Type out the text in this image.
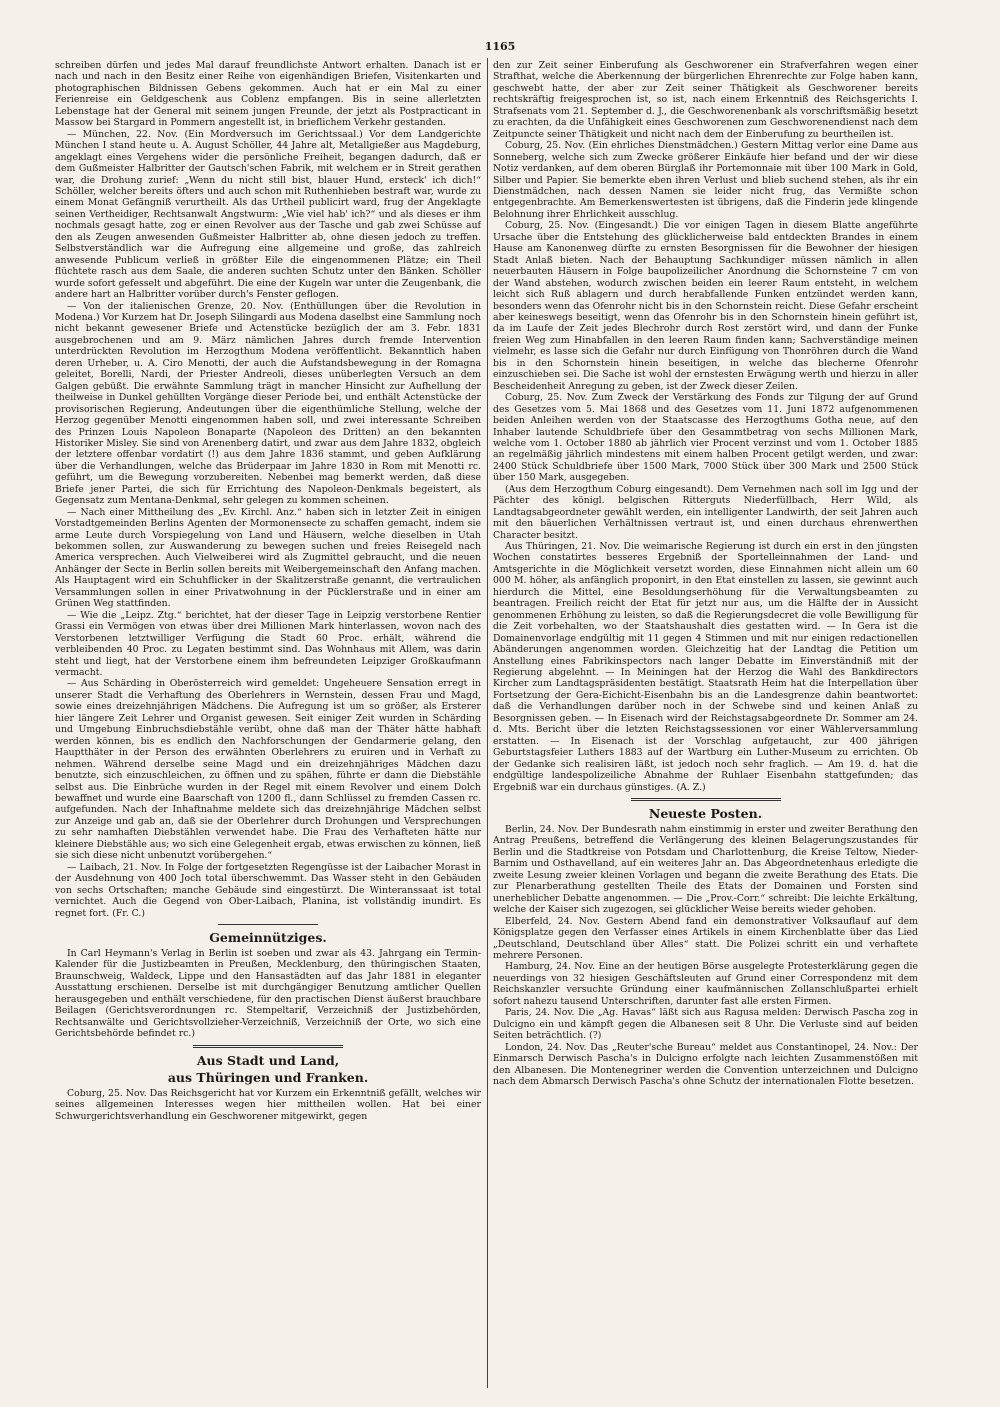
1165

schreiben dürfen und jedes Mal darauf freundlichste Antwort erhalten. Danach ist er nach und nach in den Besitz einer Reihe von eigenhändigen Briefen, Visitenkarten und photographischen Bildnissen Gebens gekommen. Auch hat er ein Mal zu einer Ferienreise ein Geldgeschenk aus Coblenz empfangen. Bis in seine allerletzten Lebenstage hat der General mit seinem jungen Freunde, der jetzt als Postpracticant in Massow bei Stargard in Pommern angestellt ist, in brieflichem Verkehr gestanden.

— München, 22. Nov. (Ein Mordversuch im Gerichtssaal.) Vor dem Landgerichte München I stand heute u. A. August Schöller, 44 Jahre alt, Metallgießer aus Magdeburg, angeklagt eines Vergehens wider die persönliche Freiheit, begangen dadurch, daß er dem Gußmeister Halbritter der Gautsch'schen Fabrik, mit welchem er in Streit gerathen war, die Drohung zurief: „Wenn du nicht still bist, blauer Hund, ersteck' ich dich!“ Schöller, welcher bereits öfters und auch schon mit Ruthenhieben bestraft war, wurde zu einem Monat Gefängniß verurtheilt. Als das Urtheil publicirt ward, frug der Angeklagte seinen Vertheidiger, Rechtsanwalt Angstwurm: „Wie viel hab' ich?“ und als dieses er ihm nochmals gesagt hatte, zog er einen Revolver aus der Tasche und gab zwei Schüsse auf den als Zeugen anwesenden Gußmeister Halbritter ab, ohne diesen jedoch zu treffen. Selbstverständlich war die Aufregung eine allgemeine und große, das zahlreich anwesende Publicum verließ in größter Eile die eingenommenen Plätze; ein Theil flüchtete rasch aus dem Saale, die anderen suchten Schutz unter den Bänken. Schöller wurde sofort gefesselt und abgeführt. Die eine der Kugeln war unter die Zeugenbank, die andere hart an Halbritter vorüber durch's Fenster geflogen.

— Von der italienischen Grenze, 20. Nov. (Enthüllungen über die Revolution in Modena.) Vor Kurzem hat Dr. Joseph Silingardi aus Modena daselbst eine Sammlung noch nicht bekannt gewesener Briefe und Actenstücke bezüglich der am 3. Febr. 1831 ausgebrochenen und am 9. März nämlichen Jahres durch fremde Intervention unterdrückten Revolution im Herzogthum Modena veröffentlicht. Bekanntlich haben deren Urheber, u. A. Ciro Menotti, der auch die Aufstandsbewegung in der Romagna geleitet, Borelli, Nardi, der Priester Andreoli, dieses unüberlegten Versuch an dem Galgen gebüßt. Die erwähnte Sammlung trägt in mancher Hinsicht zur Aufhellung der theilweise in Dunkel gehüllten Vorgänge dieser Periode bei, und enthält Actenstücke der provisorischen Regierung, Andeutungen über die eigenthümliche Stellung, welche der Herzog gegenüber Menotti eingenommen haben soll, und zwei interessante Schreiben des Prinzen Louis Napoleon Bonaparte (Napoleon des Dritten) an den bekannten Historiker Misley. Sie sind von Arenenberg datirt, und zwar aus dem Jahre 1832, obgleich der letztere offenbar vordatirt (!) aus dem Jahre 1836 stammt, und geben Aufklärung über die Verhandlungen, welche das Brüderpaar im Jahre 1830 in Rom mit Menotti rc. geführt, um die Bewegung vorzubereiten. Nebenbei mag bemerkt werden, daß diese Briefe jener Partei, die sich für Errichtung des Napoleon-Denkmals begeistert, als Gegensatz zum Mentana-Denkmal, sehr gelegen zu kommen scheinen.

— Nach einer Mittheilung des „Ev. Kirchl. Anz.“ haben sich in letzter Zeit in einigen Vorstadtgemeinden Berlins Agenten der Mormonensecte zu schaffen gemacht, indem sie arme Leute durch Vorspiegelung von Land und Häusern, welche dieselben in Utah bekommen sollen, zur Auswanderung zu bewegen suchen und freies Reisegeld nach America versprechen. Auch Vielweiberei wird als Zugmittel gebraucht, und die neuen Anhänger der Secte in Berlin sollen bereits mit Weibergemeinschaft den Anfang machen. Als Hauptagent wird ein Schuhflicker in der Skalitzerstraße genannt, die vertraulichen Versammlungen sollen in einer Privatwohnung in der Pücklerstraße und in einer am Grünen Weg stattfinden.

— Wie die „Leipz. Ztg.“ berichtet, hat der dieser Tage in Leipzig verstorbene Rentier Grassi ein Vermögen von etwas über drei Millionen Mark hinterlassen, wovon nach des Verstorbenen letztwilliger Verfügung die Stadt 60 Proc. erhält, während die verbleibenden 40 Proc. zu Legaten bestimmt sind. Das Wohnhaus mit Allem, was darin steht und liegt, hat der Verstorbene einem ihm befreundeten Leipziger Großkaufmann vermacht.

— Aus Schärding in Oberösterreich wird gemeldet: Ungeheuere Sensation erregt in unserer Stadt die Verhaftung des Oberlehrers in Wernstein, dessen Frau und Magd, sowie eines dreizehnjährigen Mädchens. Die Aufregung ist um so größer, als Ersterer hier längere Zeit Lehrer und Organist gewesen. Seit einiger Zeit wurden in Schärding und Umgebung Einbruchsdiebstähle verübt, ohne daß man der Thäter hätte habhaft werden können, bis es endlich den Nachforschungen der Gendarmerie gelang, den Hauptthäter in der Person des erwähnten Oberlehrers zu eruiren und in Verhaft zu nehmen. Während derselbe seine Magd und ein dreizehnjähriges Mädchen dazu benutzte, sich einzuschleichen, zu öffnen und zu spähen, führte er dann die Diebstähle selbst aus. Die Einbrüche wurden in der Regel mit einem Revolver und einem Dolch bewaffnet und wurde eine Baarschaft von 1200 fl., dann Schlüssel zu fremden Cassen rc. aufgefunden. Nach der Inhaftnahme meldete sich das dreizehnjährige Mädchen selbst zur Anzeige und gab an, daß sie der Oberlehrer durch Drohungen und Versprechungen zu sehr namhaften Diebstählen verwendet habe. Die Frau des Verhafteten hätte nur kleinere Diebstähle aus; wo sich eine Gelegenheit ergab, etwas erwischen zu können, ließ sie sich diese nicht unbenutzt vorübergehen.“

— Laibach, 21. Nov. In Folge der fortgesetzten Regengüsse ist der Laibacher Morast in der Ausdehnung von 400 Joch total überschwemmt. Das Wasser steht in den Gebäuden von sechs Ortschaften; manche Gebäude sind eingestürzt. Die Winteranssaat ist total vernichtet. Auch die Gegend von Ober-Laibach, Planina, ist vollständig inundirt. Es regnet fort. (Fr. C.)

Gemeinnütziges.

In Carl Heymann's Verlag in Berlin ist soeben und zwar als 43. Jahrgang ein Termin-Kalender für die Justizbeamten in Preußen, Mecklenburg, den thüringischen Staaten, Braunschweig, Waldeck, Lippe und den Hansastädten auf das Jahr 1881 in eleganter Ausstattung erschienen. Derselbe ist mit durchgängiger Benutzung amtlicher Quellen herausgegeben und enthält verschiedene, für den practischen Dienst äußerst brauchbare Beilagen (Gerichtsverordnungen rc. Stempeltarif, Verzeichniß der Justizbehörden, Rechtsanwälte und Gerichtsvollzieher-Verzeichniß, Verzeichniß der Orte, wo sich eine Gerichtsbehörde befindet rc.)

Aus Stadt und Land,
aus Thüringen und Franken.

Coburg, 25. Nov. Das Reichsgericht hat vor Kurzem ein Erkenntniß gefällt, welches wir seines allgemeinen Interesses wegen hier mittheilen wollen. Hat bei einer Schwurgerichtsverhandlung ein Geschworener mitgewirkt, gegen

den zur Zeit seiner Einberufung als Geschworener ein Strafverfahren wegen einer Strafthat, welche die Aberkennung der bürgerlichen Ehrenrechte zur Folge haben kann, geschwebt hatte, der aber zur Zeit seiner Thätigkeit als Geschworener bereits rechtskräftig freigesprochen ist, so ist, nach einem Erkenntniß des Reichsgerichts I. Strafsenats vom 21. September d. J., die Geschworenenbank als vorschriftsmäßig besetzt zu erachten, da die Unfähigkeit eines Geschworenen zum Geschworenendienst nach dem Zeitpuncte seiner Thätigkeit und nicht nach dem der Einberufung zu beurtheilen ist.

Coburg, 25. Nov. (Ein ehrliches Dienstmädchen.) Gestern Mittag verlor eine Dame aus Sonneberg, welche sich zum Zwecke größerer Einkäufe hier befand und der wir diese Notiz verdanken, auf dem oberen Bürglaß ihr Portemonnaie mit über 100 Mark in Gold, Silber und Papier. Sie bemerkte eben ihren Verlust und blieb suchend stehen, als ihr ein Dienstmädchen, nach dessen Namen sie leider nicht frug, das Vermißte schon entgegenbrachte. Am Bemerkenswertesten ist übrigens, daß die Finderin jede klingende Belohnung ihrer Ehrlichkeit ausschlug.

Coburg, 25. Nov. (Eingesandt.) Die vor einigen Tagen in diesem Blatte angeführte Ursache über die Entstehung des glücklicherweise bald entdeckten Brandes in einem Hause am Kanonenweg dürfte zu ernsten Besorgnissen für die Bewohner der hiesigen Stadt Anlaß bieten. Nach der Behauptung Sachkundiger müssen nämlich in allen neuerbauten Häusern in Folge baupolizeilicher Anordnung die Schornsteine 7 cm von der Wand abstehen, wodurch zwischen beiden ein leerer Raum entsteht, in welchem leicht sich Ruß ablagern und durch herabfallende Funken entzündet werden kann, besonders wenn das Ofenrohr nicht bis in den Schornstein reicht. Diese Gefahr erscheint aber keineswegs beseitigt, wenn das Ofenrohr bis in den Schornstein hinein geführt ist, da im Laufe der Zeit jedes Blechrohr durch Rost zerstört wird, und dann der Funke freien Weg zum Hinabfallen in den leeren Raum finden kann; Sachverständige meinen vielmehr, es lasse sich die Gefahr nur durch Einfügung von Thonröhren durch die Wand bis in den Schornstein hinein beseitigen, in welche das blecherne Ofenrohr einzuschieben sei. Die Sache ist wohl der ernstesten Erwägung werth und hierzu in aller Bescheidenheit Anregung zu geben, ist der Zweck dieser Zeilen.

Coburg, 25. Nov. Zum Zweck der Verstärkung des Fonds zur Tilgung der auf Grund des Gesetzes vom 5. Mai 1868 und des Gesetzes vom 11. Juni 1872 aufgenommenen beiden Anleihen werden von der Staatscasse des Herzogthums Gotha neue, auf den Inhaber lautende Schuldbriefe über den Gesammtbetrag von sechs Millionen Mark, welche vom 1. October 1880 ab jährlich vier Procent verzinst und vom 1. October 1885 an regelmäßig jährlich mindestens mit einem halben Procent getilgt werden, und zwar: 2400 Stück Schuldbriefe über 1500 Mark, 7000 Stück über 300 Mark und 2500 Stück über 150 Mark, ausgegeben.

(Aus dem Herzogthum Coburg eingesandt). Dem Vernehmen nach soll im Igg und der Pächter des königl. belgischen Ritterguts Niederfüllbach, Herr Wild, als Landtagsabgeordneter gewählt werden, ein intelligenter Landwirth, der seit Jahren auch mit den bäuerlichen Verhältnissen vertraut ist, und einen durchaus ehrenwerthen Character besitzt.

Aus Thüringen, 21. Nov. Die weimarische Regierung ist durch ein erst in den jüngsten Wochen constatirtes besseres Ergebniß der Sportelleinnahmen der Land- und Amtsgerichte in die Möglichkeit versetzt worden, diese Einnahmen nicht allein um 60 000 M. höher, als anfänglich proponirt, in den Etat einstellen zu lassen, sie gewinnt auch hierdurch die Mittel, eine Besoldungserhöhung für die Verwaltungsbeamten zu beantragen. Freilich reicht der Etat für jetzt nur aus, um die Hälfte der in Aussicht genommenen Erhöhung zu leisten, so daß die Regierungsdecret die volle Bewilligung für die Zeit vorbehalten, wo der Staatshaushalt dies gestatten wird. — In Gera ist die Domainenvorlage endgültig mit 11 gegen 4 Stimmen und mit nur einigen redactionellen Abänderungen angenommen worden. Gleichzeitig hat der Landtag die Petition um Anstellung eines Fabrikinspectors nach langer Debatte im Einverständniß mit der Regierung abgelehnt. — In Meiningen hat der Herzog die Wahl des Bankdirectors Kircher zum Landtagspräsidenten bestätigt. Staatsrath Heim hat die Interpellation über Fortsetzung der Gera-Eichicht-Eisenbahn bis an die Landesgrenze dahin beantwortet: daß die Verhandlungen darüber noch in der Schwebe sind und keinen Anlaß zu Besorgnissen geben. — In Eisenach wird der Reichstagsabgeordnete Dr. Sommer am 24. d. Mts. Bericht über die letzten Reichstagssessionen vor einer Wählerversammlung erstatten. — In Eisenach ist der Vorschlag aufgetaucht, zur 400 jährigen Geburtstagsfeier Luthers 1883 auf der Wartburg ein Luther-Museum zu errichten. Ob der Gedanke sich realisiren läßt, ist jedoch noch sehr fraglich. — Am 19. d. hat die endgültige landespolizeiliche Abnahme der Ruhlaer Eisenbahn stattgefunden; das Ergebniß war ein durchaus günstiges. (A. Z.)

Neueste Posten.

Berlin, 24. Nov. Der Bundesrath nahm einstimmig in erster und zweiter Berathung den Antrag Preußens, betreffend die Verlängerung des kleinen Belagerungszustandes für Berlin und die Stadtkreise von Potsdam und Charlottenburg, die Kreise Teltow, Nieder-Barnim und Osthavelland, auf ein weiteres Jahr an. Das Abgeordnetenhaus erledigte die zweite Lesung zweier kleinen Vorlagen und begann die zweite Berathung des Etats. Die zur Plenarberathung gestellten Theile des Etats der Domainen und Forsten sind unerheblicher Debatte angenommen. — Die „Prov.-Corr.“ schreibt: Die leichte Erkältung, welche der Kaiser sich zugezogen, sei glücklicher Weise bereits wieder gehoben.

Elberfeld, 24. Nov. Gestern Abend fand ein demonstrativer Volksauflauf auf dem Königsplatze gegen den Verfasser eines Artikels in einem Kirchenblatte über das Lied „Deutschland, Deutschland über Alles“ statt. Die Polizei schritt ein und verhaftete mehrere Personen.

Hamburg, 24. Nov. Eine an der heutigen Börse ausgelegte Protesterklärung gegen die neuerdings von 32 hiesigen Geschäftsleuten auf Grund einer Correspondenz mit dem Reichskanzler versuchte Gründung einer kaufmännischen Zollanschlußpartei erhielt sofort nahezu tausend Unterschriften, darunter fast alle ersten Firmen.

Paris, 24. Nov. Die „Ag. Havas“ läßt sich aus Ragusa melden: Derwisch Pascha zog in Dulcigno ein und kämpft gegen die Albanesen seit 8 Uhr. Die Verluste sind auf beiden Seiten beträchtlich. (?)

London, 24. Nov. Das „Reuter'sche Bureau“ meldet aus Constantinopel, 24. Nov.: Der Einmarsch Derwisch Pascha's in Dulcigno erfolgte nach leichten Zusammenstößen mit den Albanesen. Die Montenegriner werden die Convention unterzeichnen und Dulcigno nach dem Abmarsch Derwisch Pascha's ohne Schutz der internationalen Flotte besetzen.
